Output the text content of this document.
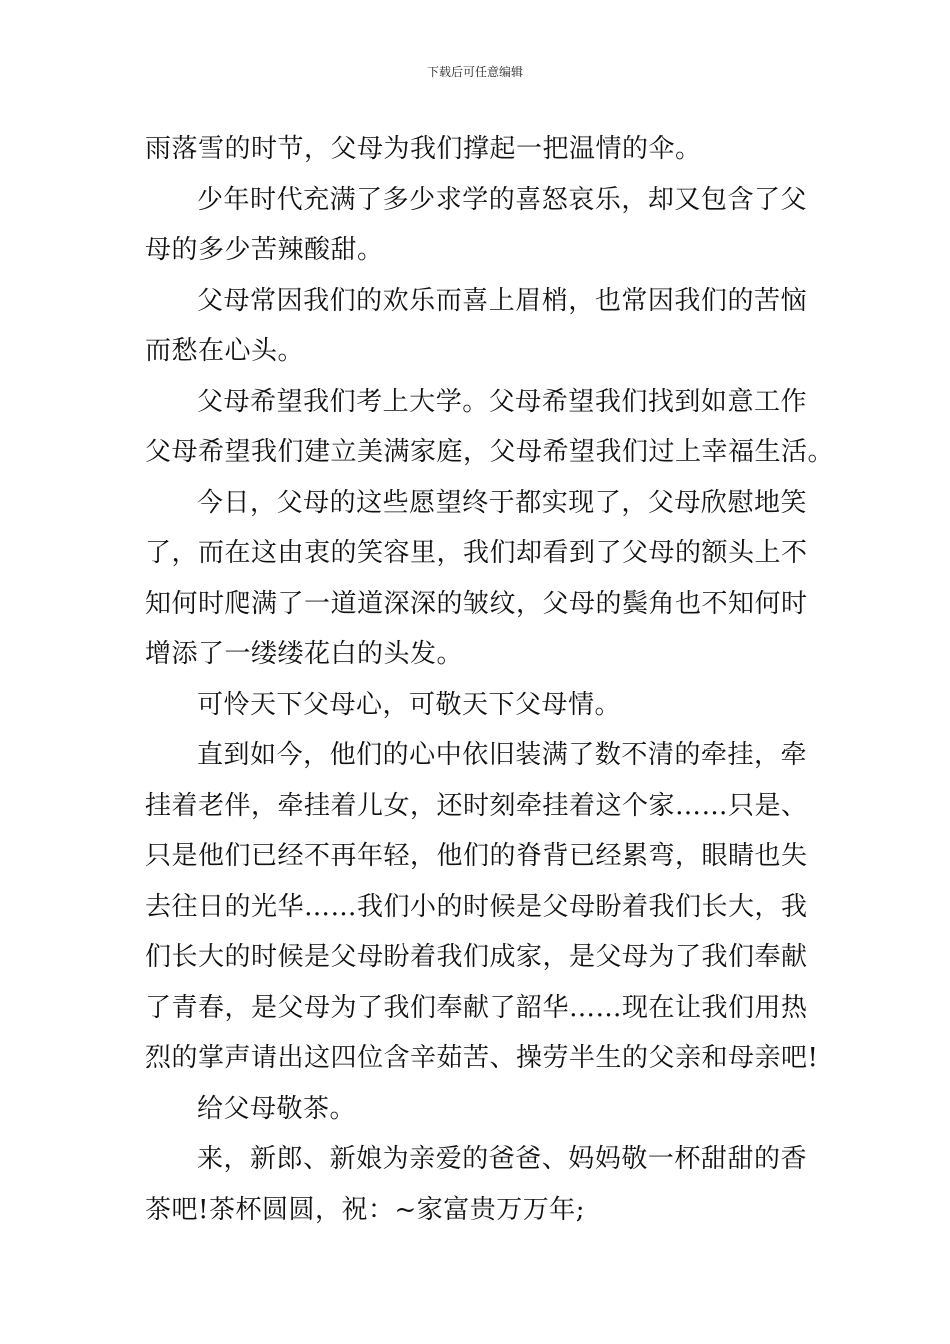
下载后可任意编辑
雨落雪的时节，父母为我们撑起一把温情的伞。
少年时代充满了多少求学的喜怒哀乐，却又包含了父
母的多少苦辣酸甜。
父母常因我们的欢乐而喜上眉梢，也常因我们的苦恼
而愁在心头。
父母希望我们考上大学。父母希望我们找到如意工作
父母希望我们建立美满家庭，父母希望我们过上幸福生活。
今日，父母的这些愿望终于都实现了，父母欣慰地笑
了，而在这由衷的笑容里，我们却看到了父母的额头上不
知何时爬满了一道道深深的皱纹，父母的鬓角也不知何时
增添了一缕缕花白的头发。
可怜天下父母心，可敬天下父母情。
直到如今，他们的心中依旧装满了数不清的牵挂，牵
挂着老伴，牵挂着儿女，还时刻牵挂着这个家……只是、
只是他们已经不再年轻，他们的脊背已经累弯，眼睛也失
去往日的光华……我们小的时候是父母盼着我们长大，我
们长大的时候是父母盼着我们成家，是父母为了我们奉献
了青春，是父母为了我们奉献了韶华……现在让我们用热
烈的掌声请出这四位含辛茹苦、操劳半生的父亲和母亲吧!
给父母敬茶。
来，新郎、新娘为亲爱的爸爸、妈妈敬一杯甜甜的香
茶吧!茶杯圆圆，祝：~家富贵万万年;
